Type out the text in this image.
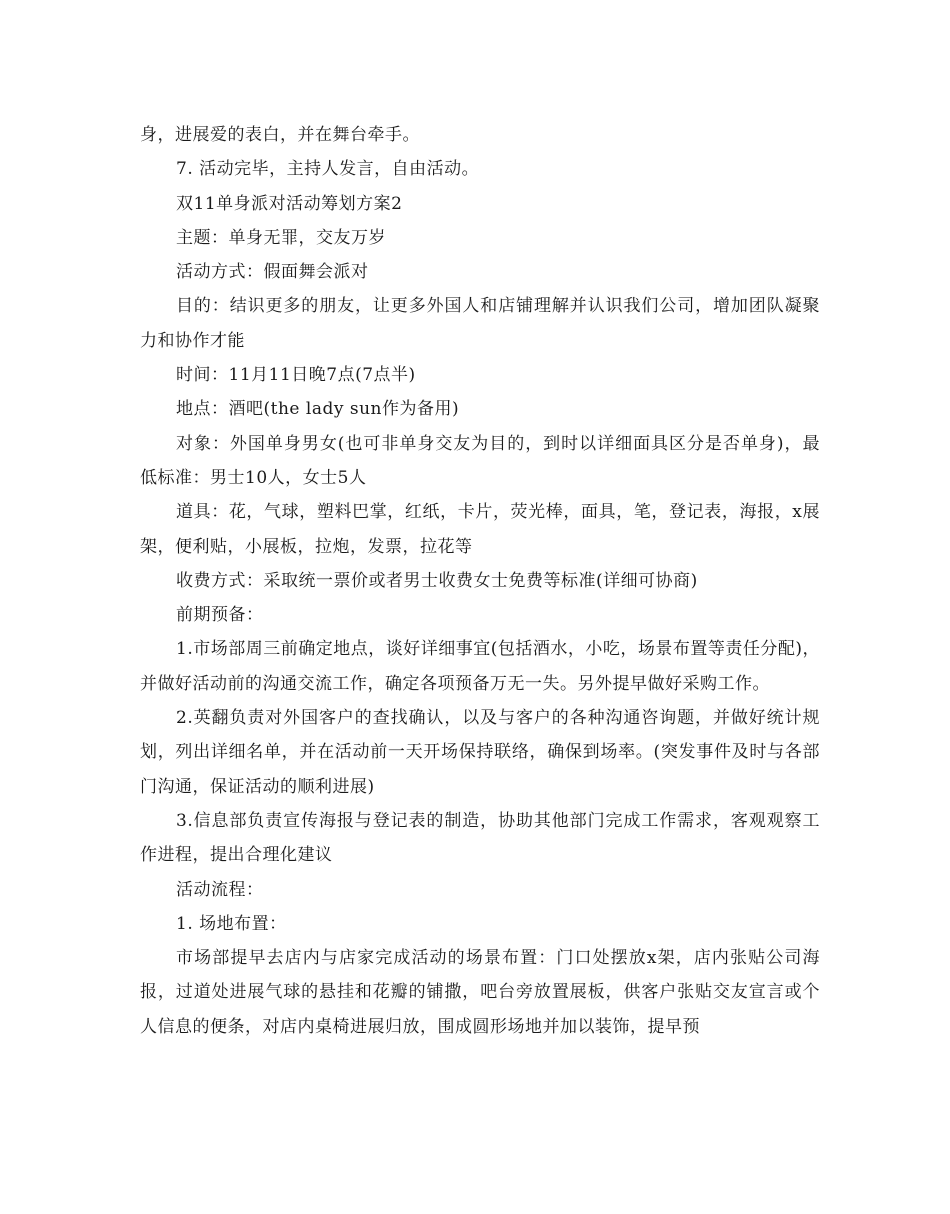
身，进展爱的表白，并在舞台牵手。

7. 活动完毕，主持人发言，自由活动。

双11单身派对活动筹划方案2

主题：单身无罪，交友万岁

活动方式：假面舞会派对

目的：结识更多的朋友，让更多外国人和店铺理解并认识我们公司，增加团队凝聚力和协作才能

时间：11月11日晚7点(7点半)

地点：酒吧(the lady sun作为备用)

对象：外国单身男女(也可非单身交友为目的，到时以详细面具区分是否单身)，最低标准：男士10人，女士5人

道具：花，气球，塑料巴掌，红纸，卡片，荧光棒，面具，笔，登记表，海报，x展架，便利贴，小展板，拉炮，发票，拉花等

收费方式：采取统一票价或者男士收费女士免费等标准(详细可协商)

前期预备：

1.市场部周三前确定地点，谈好详细事宜(包括酒水，小吃，场景布置等责任分配)，并做好活动前的沟通交流工作，确定各项预备万无一失。另外提早做好采购工作。

2.英翻负责对外国客户的查找确认，以及与客户的各种沟通咨询题，并做好统计规划，列出详细名单，并在活动前一天开场保持联络，确保到场率。(突发事件及时与各部门沟通，保证活动的顺利进展)

3.信息部负责宣传海报与登记表的制造，协助其他部门完成工作需求，客观观察工作进程，提出合理化建议

活动流程：

1. 场地布置：

市场部提早去店内与店家完成活动的场景布置：门口处摆放x架，店内张贴公司海报，过道处进展气球的悬挂和花瓣的铺撒，吧台旁放置展板，供客户张贴交友宣言或个人信息的便条，对店内桌椅进展归放，围成圆形场地并加以装饰，提早预
